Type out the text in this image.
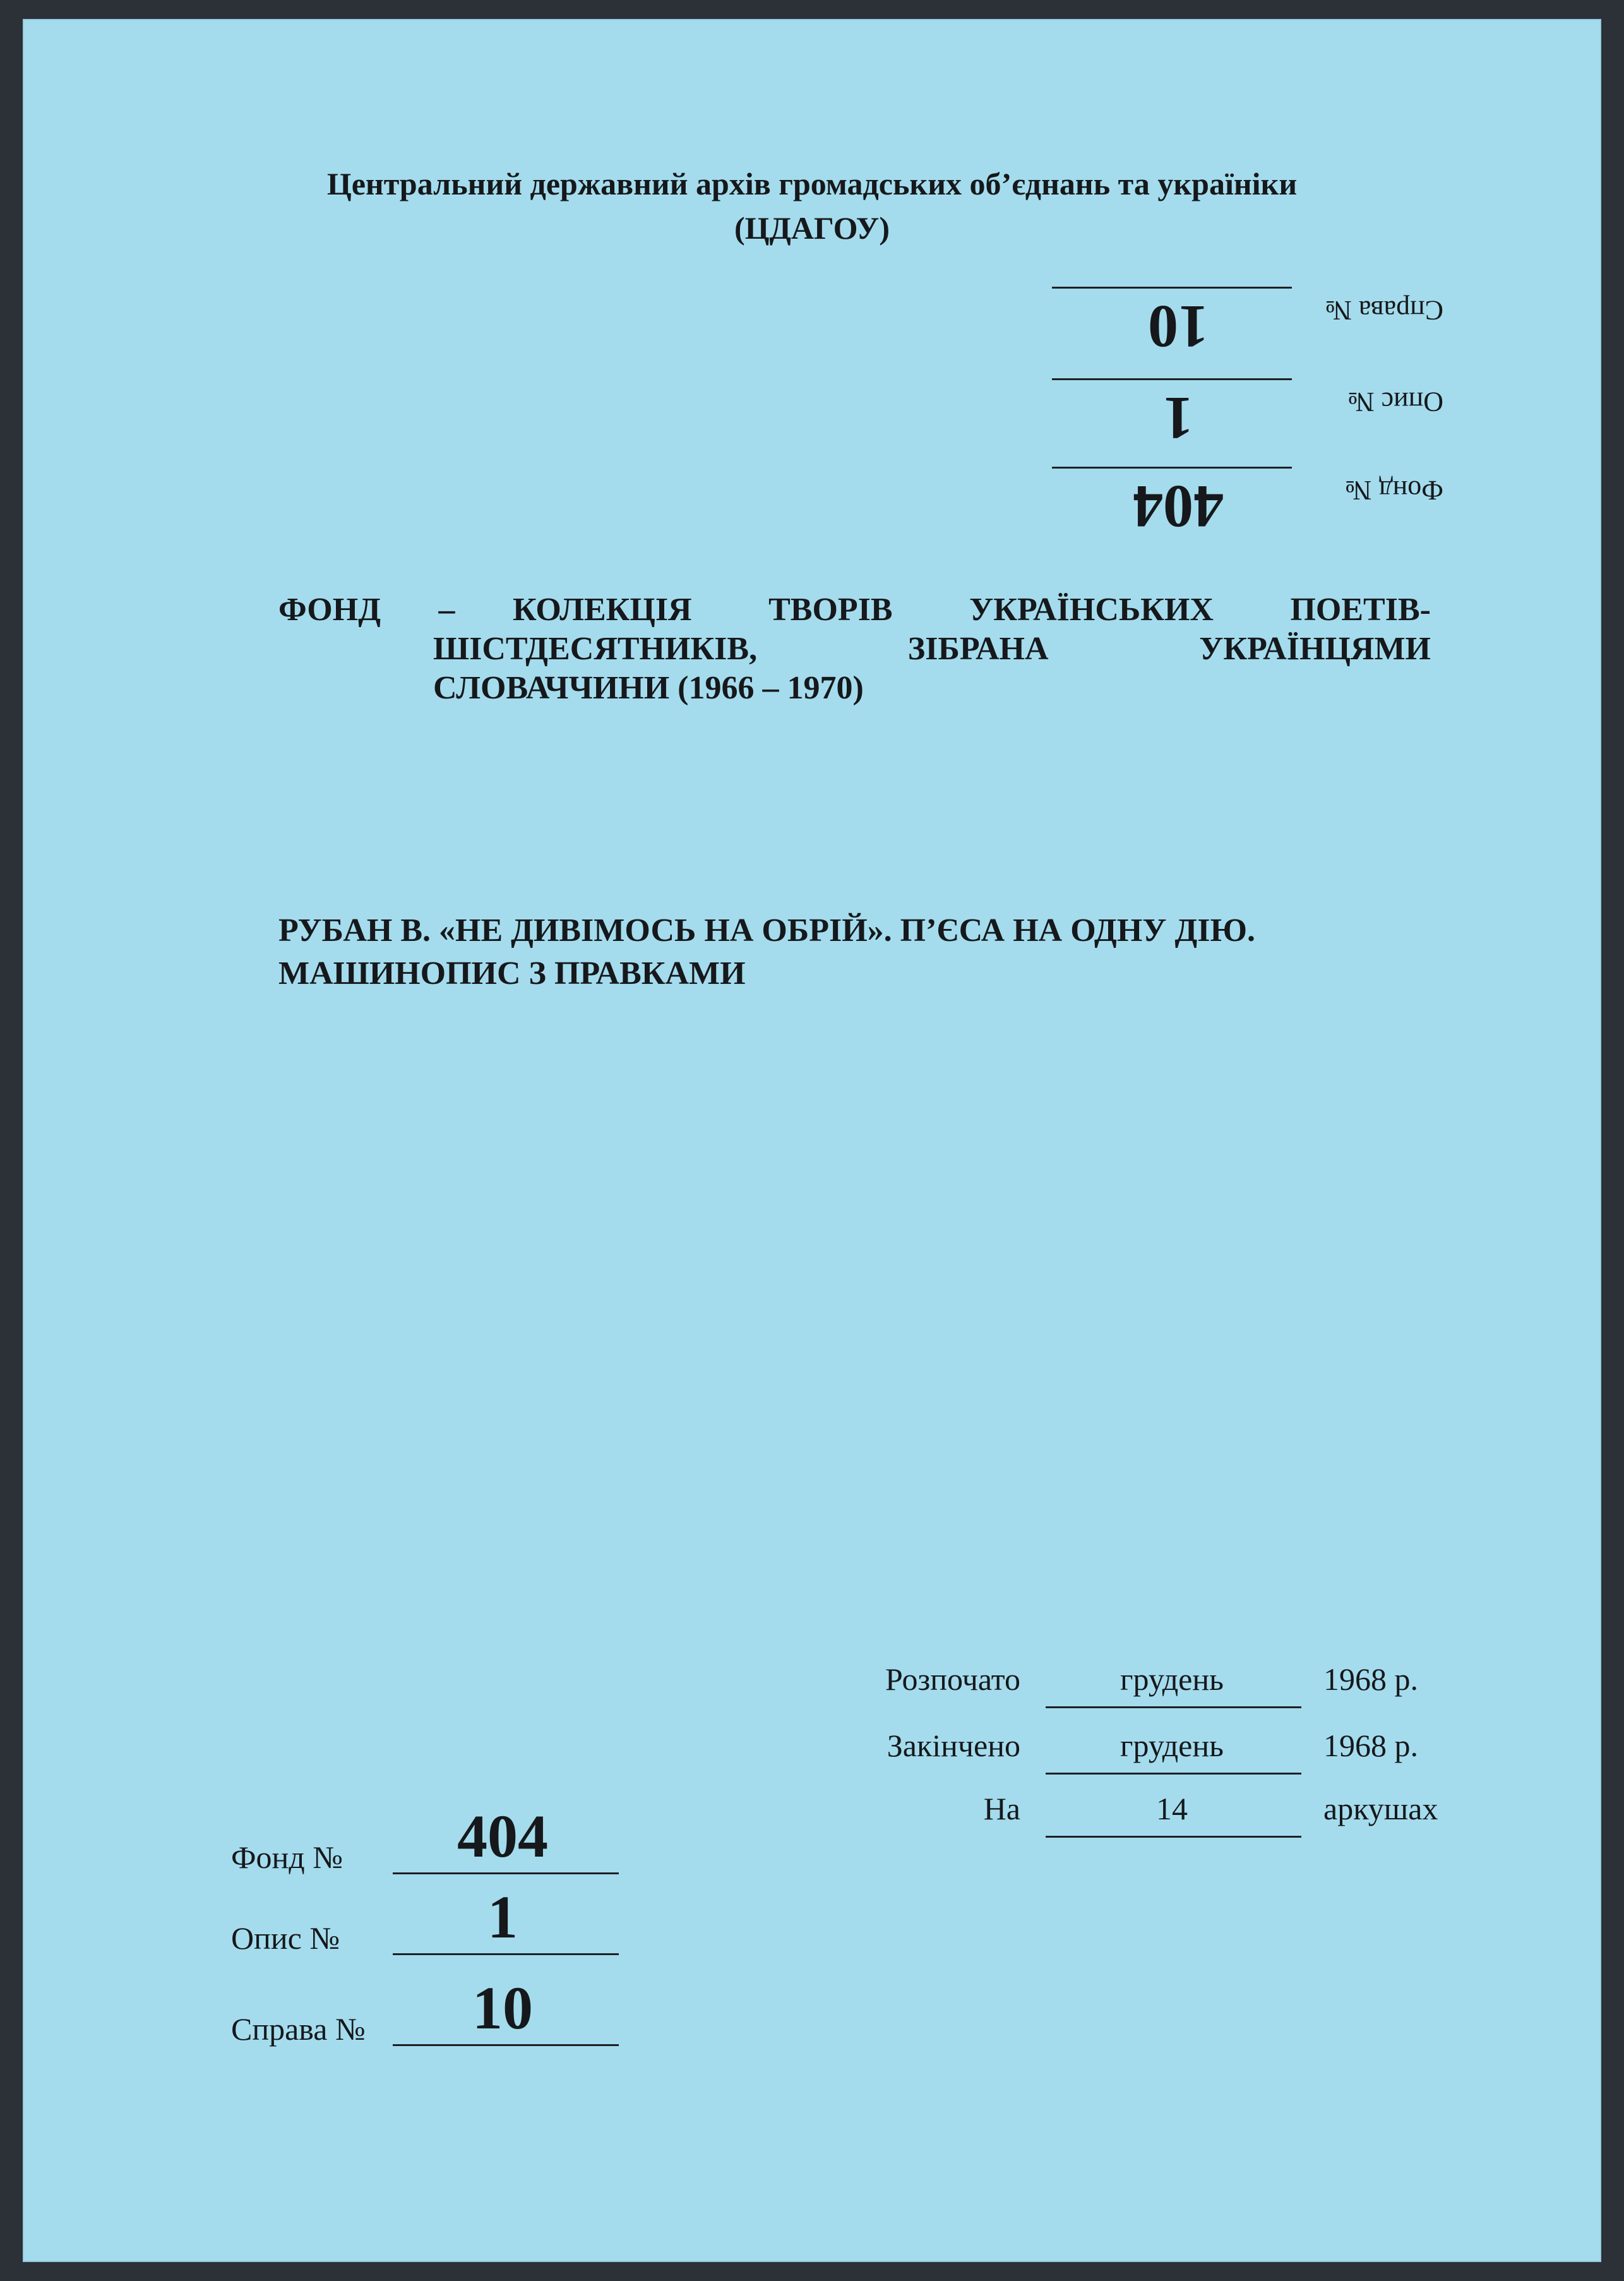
Центральний державний архів громадських об’єднань та україніки
(ЦДАГОУ)
Фонд №
404
Опис №
1
Справа №
10
ФОНД – КОЛЕКЦІЯ ТВОРІВ УКРАЇНСЬКИХ ПОЕТІВ-
ШІСТДЕСЯТНИКІВ,	ЗІБРАНА	УКРАЇНЦЯМИ
СЛОВАЧЧИНИ (1966 – 1970)
РУБАН В. «НЕ ДИВІМОСЬ НА ОБРІЙ». П’ЄСА НА ОДНУ ДІЮ.
МАШИНОПИС З ПРАВКАМИ
Розпочато	грудень	1968 р.
Закінчено	грудень	1968 р.
На	14	аркушах
Фонд №	404
Опис №	1
Справа №	10
